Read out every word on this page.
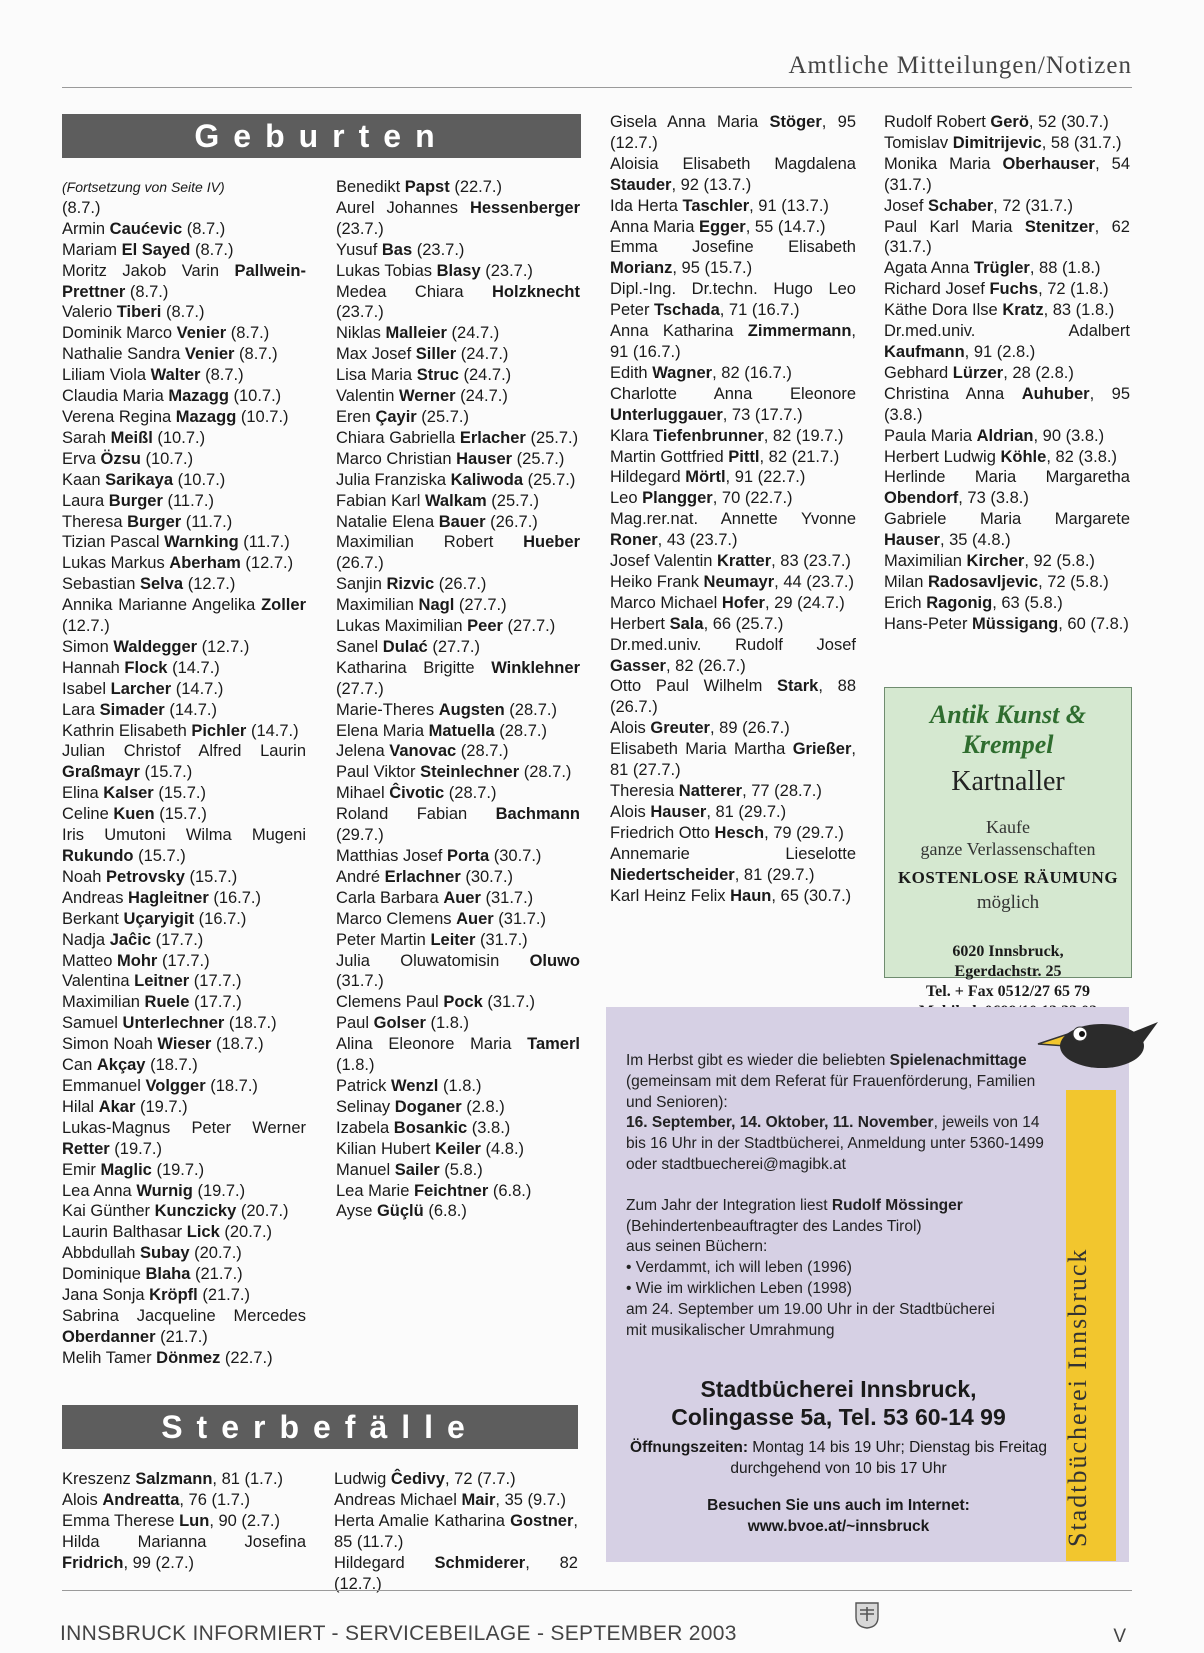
Amtliche Mitteilungen/Notizen
Geburten

(Fortsetzung von Seite IV)

(8.7.)

Armin Caućevic (8.7.)

Mariam El Sayed (8.7.)

Moritz Jakob Varin Pallwein-Prettner (8.7.)

Valerio Tiberi (8.7.)

Dominik Marco Venier (8.7.)

Nathalie Sandra Venier (8.7.)

Liliam Viola Walter (8.7.)

Claudia Maria Mazagg (10.7.)

Verena Regina Mazagg (10.7.)

Sarah Meißl (10.7.)

Erva Özsu (10.7.)

Kaan Sarikaya (10.7.)

Laura Burger (11.7.)

Theresa Burger (11.7.)

Tizian Pascal Warnking (11.7.)

Lukas Markus Aberham (12.7.)

Sebastian Selva (12.7.)

Annika Marianne Angelika Zoller (12.7.)

Simon Waldegger (12.7.)

Hannah Flock (14.7.)

Isabel Larcher (14.7.)

Lara Simader (14.7.)

Kathrin Elisabeth Pichler (14.7.)

Julian Christof Alfred Laurin Graßmayr (15.7.)

Elina Kalser (15.7.)

Celine Kuen (15.7.)

Iris Umutoni Wilma Mugeni Rukundo (15.7.)

Noah Petrovsky (15.7.)

Andreas Hagleitner (16.7.)

Berkant Uçaryigit (16.7.)

Nadja Jaĉic (17.7.)

Matteo Mohr (17.7.)

Valentina Leitner (17.7.)

Maximilian Ruele (17.7.)

Samuel Unterlechner (18.7.)

Simon Noah Wieser (18.7.)

Can Akçay (18.7.)

Emmanuel Volgger (18.7.)

Hilal Akar (19.7.)

Lukas-Magnus Peter Werner Retter (19.7.)

Emir Maglic (19.7.)

Lea Anna Wurnig (19.7.)

Kai Günther Kunczicky (20.7.)

Laurin Balthasar Lick (20.7.)

Abbdullah Subay (20.7.)

Dominique Blaha (21.7.)

Jana Sonja Kröpfl (21.7.)

Sabrina Jacqueline Mercedes Oberdanner (21.7.)

Melih Tamer Dönmez (22.7.)

Benedikt Papst (22.7.)

Aurel Johannes Hessenberger (23.7.)

Yusuf Bas (23.7.)

Lukas Tobias Blasy (23.7.)

Medea Chiara Holzknecht (23.7.)

Niklas Malleier (24.7.)

Max Josef Siller (24.7.)

Lisa Maria Struc (24.7.)

Valentin Werner (24.7.)

Eren Çayir (25.7.)

Chiara Gabriella Erlacher (25.7.)

Marco Christian Hauser (25.7.)

Julia Franziska Kaliwoda (25.7.)

Fabian Karl Walkam (25.7.)

Natalie Elena Bauer (26.7.)

Maximilian Robert Hueber (26.7.)

Sanjin Rizvic (26.7.)

Maximilian Nagl (27.7.)

Lukas Maximilian Peer (27.7.)

Sanel Dulać (27.7.)

Katharina Brigitte Winklehner (27.7.)

Marie-Theres Augsten (28.7.)

Elena Maria Matuella (28.7.)

Jelena Vanovac (28.7.)

Paul Viktor Steinlechner (28.7.)

Mihael Ĉivotic (28.7.)

Roland Fabian Bachmann (29.7.)

Matthias Josef Porta (30.7.)

André Erlachner (30.7.)

Carla Barbara Auer (31.7.)

Marco Clemens Auer (31.7.)

Peter Martin Leiter (31.7.)

Julia Oluwatomisin Oluwo (31.7.)

Clemens Paul Pock (31.7.)

Paul Golser (1.8.)

Alina Eleonore Maria Tamerl (1.8.)

Patrick Wenzl (1.8.)

Selinay Doganer (2.8.)

Izabela Bosankic (3.8.)

Kilian Hubert Keiler (4.8.)

Manuel Sailer (5.8.)

Lea Marie Feichtner (6.8.)

Ayse Güçlü (6.8.)

Sterbefälle

Kreszenz Salzmann, 81 (1.7.)

Alois Andreatta, 76 (1.7.)

Emma Therese Lun, 90 (2.7.)

Hilda Marianna Josefina Fridrich, 99 (2.7.)

Ludwig Ĉedivy, 72 (7.7.)

Andreas Michael Mair, 35 (9.7.)

Herta Amalie Katharina Gostner, 85 (11.7.)

Hildegard Schmiderer, 82 (12.7.)

Gisela Anna Maria Stöger, 95 (12.7.)

Aloisia Elisabeth Magdalena Stauder, 92 (13.7.)

Ida Herta Taschler, 91 (13.7.)

Anna Maria Egger, 55 (14.7.)

Emma Josefine Elisabeth Morianz, 95 (15.7.)

Dipl.-Ing. Dr.techn. Hugo Leo Peter Tschada, 71 (16.7.)

Anna Katharina Zimmermann, 91 (16.7.)

Edith Wagner, 82 (16.7.)

Charlotte Anna Eleonore Unterluggauer, 73 (17.7.)

Klara Tiefenbrunner, 82 (19.7.)

Martin Gottfried Pittl, 82 (21.7.)

Hildegard Mörtl, 91 (22.7.)

Leo Plangger, 70 (22.7.)

Mag.rer.nat. Annette Yvonne Roner, 43 (23.7.)

Josef Valentin Kratter, 83 (23.7.)

Heiko Frank Neumayr, 44 (23.7.)

Marco Michael Hofer, 29 (24.7.)

Herbert Sala, 66 (25.7.)

Dr.med.univ. Rudolf Josef Gasser, 82 (26.7.)

Otto Paul Wilhelm Stark, 88 (26.7.)

Alois Greuter, 89 (26.7.)

Elisabeth Maria Martha Grießer, 81 (27.7.)

Theresia Natterer, 77 (28.7.)

Alois Hauser, 81 (29.7.)

Friedrich Otto Hesch, 79 (29.7.)

Annemarie Lieselotte Niedertscheider, 81 (29.7.)

Karl Heinz Felix Haun, 65 (30.7.)

Rudolf Robert Gerö, 52 (30.7.)

Tomislav Dimitrijevic, 58 (31.7.)

Monika Maria Oberhauser, 54 (31.7.)

Josef Schaber, 72 (31.7.)

Paul Karl Maria Stenitzer, 62 (31.7.)

Agata Anna Trügler, 88 (1.8.)

Richard Josef Fuchs, 72 (1.8.)

Käthe Dora Ilse Kratz, 83 (1.8.)

Dr.med.univ. Adalbert Kaufmann, 91 (2.8.)

Gebhard Lürzer, 28 (2.8.)

Christina Anna Auhuber, 95 (3.8.)

Paula Maria Aldrian, 90 (3.8.)

Herbert Ludwig Köhle, 82 (3.8.)

Herlinde Maria Margaretha Obendorf, 73 (3.8.)

Gabriele Maria Margarete Hauser, 35 (4.8.)

Maximilian Kircher, 92 (5.8.)

Milan Radosavljevic, 72 (5.8.)

Erich Ragonig, 63 (5.8.)

Hans-Peter Müssigang, 60 (7.8.)

Antik Kunst & Krempel
Kartnaller
Kaufe
ganze Verlassenschaften
KOSTENLOSE RÄUMUNG
möglich
6020 Innsbruck,
Egerdachstr. 25
Tel. + Fax 0512/27 65 79

Im Herbst gibt es wieder die beliebten Spielenachmittage (gemeinsam mit dem Referat für Frauenförderung, Familien und Senioren):
16. September, 14. Oktober, 11. November, jeweils von 14 bis 16 Uhr in der Stadtbücherei, Anmeldung unter 5360-1499 oder stadtbuecherei@magibk.at

Zum Jahr der Integration liest Rudolf Mössinger
(Behindertenbeauftragter des Landes Tirol)
aus seinen Büchern:
• Verdammt, ich will leben (1996)
• Wie im wirklichen Leben (1998)
am 24. September um 19.00 Uhr in der Stadtbücherei
mit musikalischer Umrahmung

Stadtbücherei Innsbruck,
Colingasse 5a, Tel. 53 60-14 99
Öffnungszeiten: Montag 14 bis 19 Uhr; Dienstag bis Freitag durchgehend von 10 bis 17 Uhr
Besuchen Sie uns auch im Internet:
www.bvoe.at/~innsbruck	Stadtbücherei Innsbruck
INNSBRUCK INFORMIERT - SERVICEBEILAGE - SEPTEMBER 2003	V
